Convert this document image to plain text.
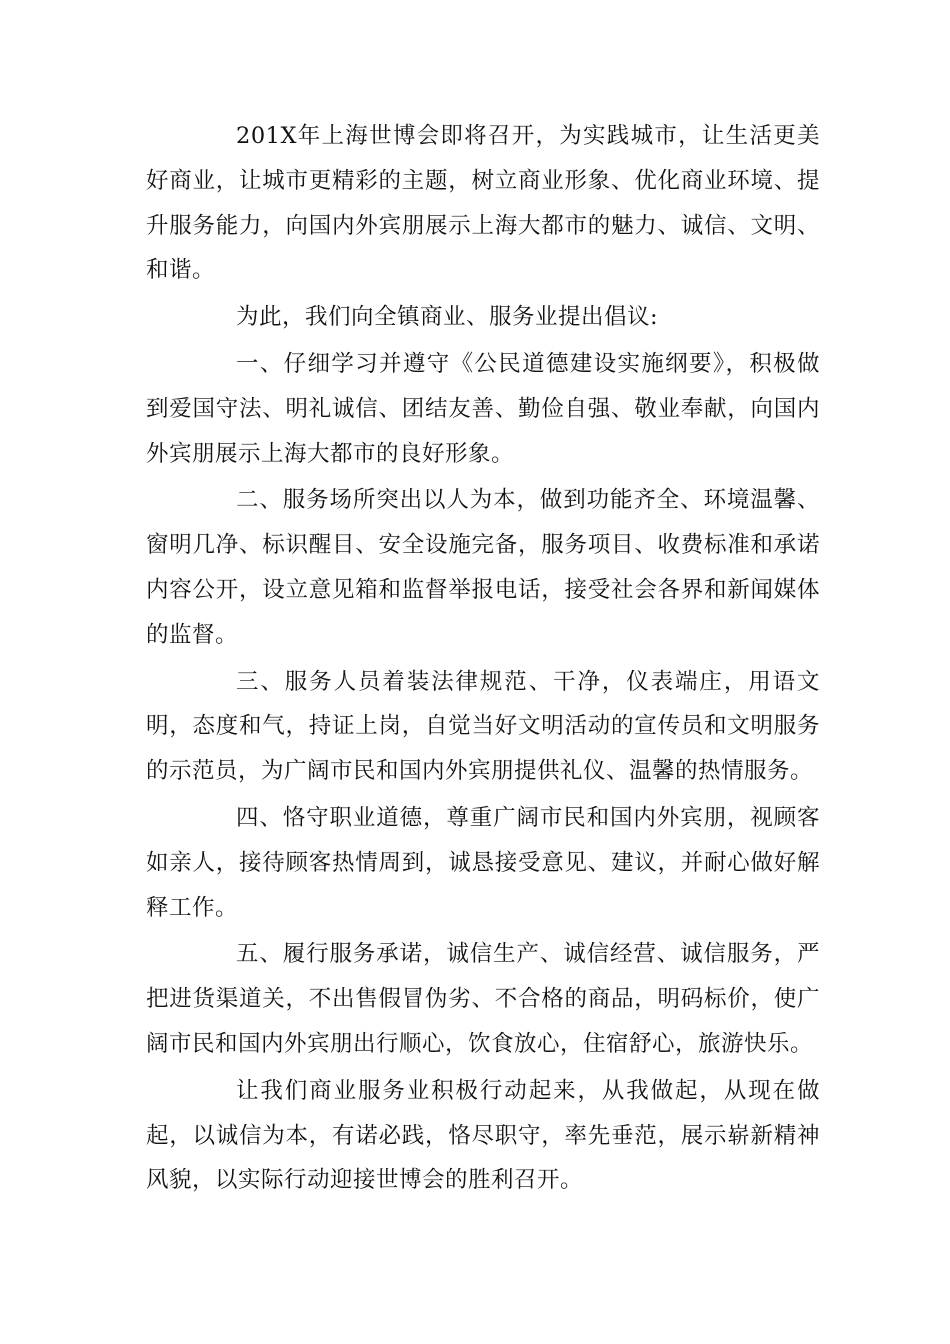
201X年上海世博会即将召开，为实践城市，让生活更美好商业，让城市更精彩的主题，树立商业形象、优化商业环境、提升服务能力，向国内外宾朋展示上海大都市的魅力、诚信、文明、和谐。

为此，我们向全镇商业、服务业提出倡议:

一、仔细学习并遵守《公民道德建设实施纲要》，积极做到爱国守法、明礼诚信、团结友善、勤俭自强、敬业奉献，向国内外宾朋展示上海大都市的良好形象。

二、服务场所突出以人为本，做到功能齐全、环境温馨、窗明几净、标识醒目、安全设施完备，服务项目、收费标准和承诺内容公开，设立意见箱和监督举报电话，接受社会各界和新闻媒体的监督。

三、服务人员着装法律规范、干净，仪表端庄，用语文明，态度和气，持证上岗，自觉当好文明活动的宣传员和文明服务的示范员，为广阔市民和国内外宾朋提供礼仪、温馨的热情服务。

四、恪守职业道德，尊重广阔市民和国内外宾朋，视顾客如亲人，接待顾客热情周到，诚恳接受意见、建议，并耐心做好解释工作。

五、履行服务承诺，诚信生产、诚信经营、诚信服务，严把进货渠道关，不出售假冒伪劣、不合格的商品，明码标价，使广阔市民和国内外宾朋出行顺心，饮食放心，住宿舒心，旅游快乐。

让我们商业服务业积极行动起来，从我做起，从现在做起，以诚信为本，有诺必践，恪尽职守，率先垂范，展示崭新精神风貌，以实际行动迎接世博会的胜利召开。
